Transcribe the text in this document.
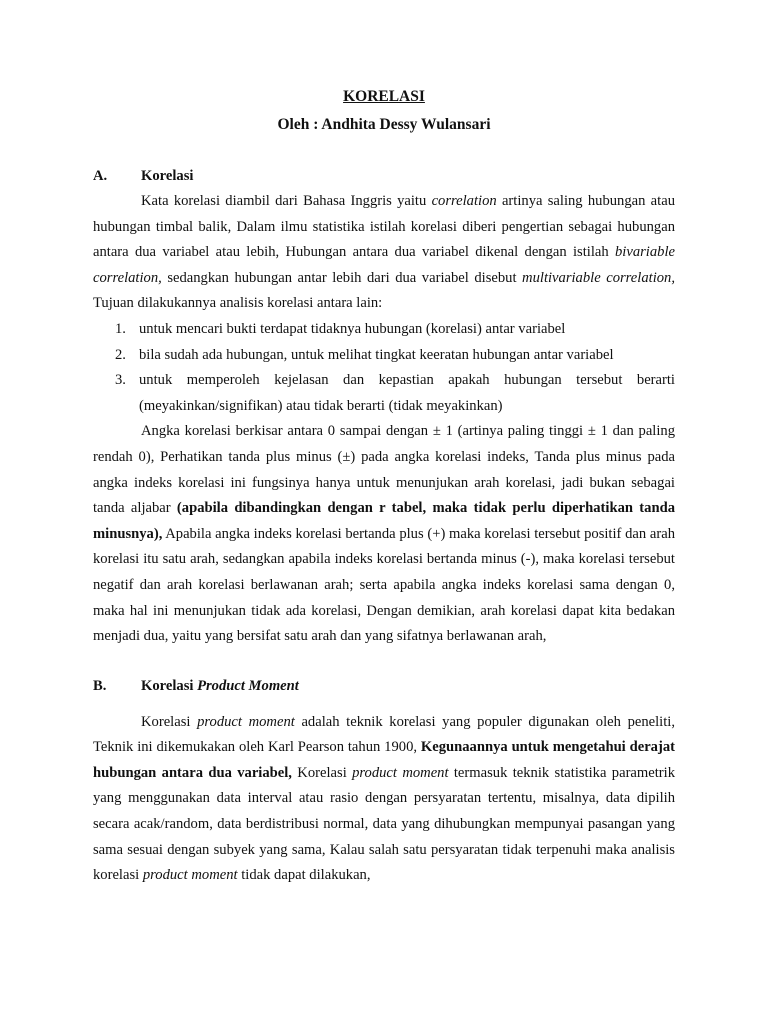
KORELASI
Oleh : Andhita Dessy Wulansari
A.	Korelasi

Kata korelasi diambil dari Bahasa Inggris yaitu correlation artinya saling hubungan atau hubungan timbal balik, Dalam ilmu statistika istilah korelasi diberi pengertian sebagai hubungan antara dua variabel atau lebih, Hubungan antara dua variabel dikenal dengan istilah bivariable correlation, sedangkan hubungan antar lebih dari dua variabel disebut multivariable correlation, Tujuan dilakukannya analisis korelasi antara lain:

1. untuk mencari bukti terdapat tidaknya hubungan (korelasi) antar variabel
2. bila sudah ada hubungan, untuk melihat tingkat keeratan hubungan antar variabel
3. untuk memperoleh kejelasan dan kepastian apakah hubungan tersebut berarti (meyakinkan/signifikan) atau tidak berarti (tidak meyakinkan)

Angka korelasi berkisar antara 0 sampai dengan ± 1 (artinya paling tinggi ± 1 dan paling rendah 0), Perhatikan tanda plus minus (±) pada angka korelasi indeks, Tanda plus minus pada angka indeks korelasi ini fungsinya hanya untuk menunjukan arah korelasi, jadi bukan sebagai tanda aljabar (apabila dibandingkan dengan r tabel, maka tidak perlu diperhatikan tanda minusnya), Apabila angka indeks korelasi bertanda plus (+) maka korelasi tersebut positif dan arah korelasi itu satu arah, sedangkan apabila indeks korelasi bertanda minus (-), maka korelasi tersebut negatif dan arah korelasi berlawanan arah; serta apabila angka indeks korelasi sama dengan 0, maka hal ini menunjukan tidak ada korelasi, Dengan demikian, arah korelasi dapat kita bedakan menjadi dua, yaitu yang bersifat satu arah dan yang sifatnya berlawanan arah,

B.	Korelasi Product Moment

Korelasi product moment adalah teknik korelasi yang populer digunakan oleh peneliti, Teknik ini dikemukakan oleh Karl Pearson tahun 1900, Kegunaannya untuk mengetahui derajat hubungan antara dua variabel, Korelasi product moment termasuk teknik statistika parametrik yang menggunakan data interval atau rasio dengan persyaratan tertentu, misalnya, data dipilih secara acak/random, data berdistribusi normal, data yang dihubungkan mempunyai pasangan yang sama sesuai dengan subyek yang sama, Kalau salah satu persyaratan tidak terpenuhi maka analisis korelasi product moment tidak dapat dilakukan,
